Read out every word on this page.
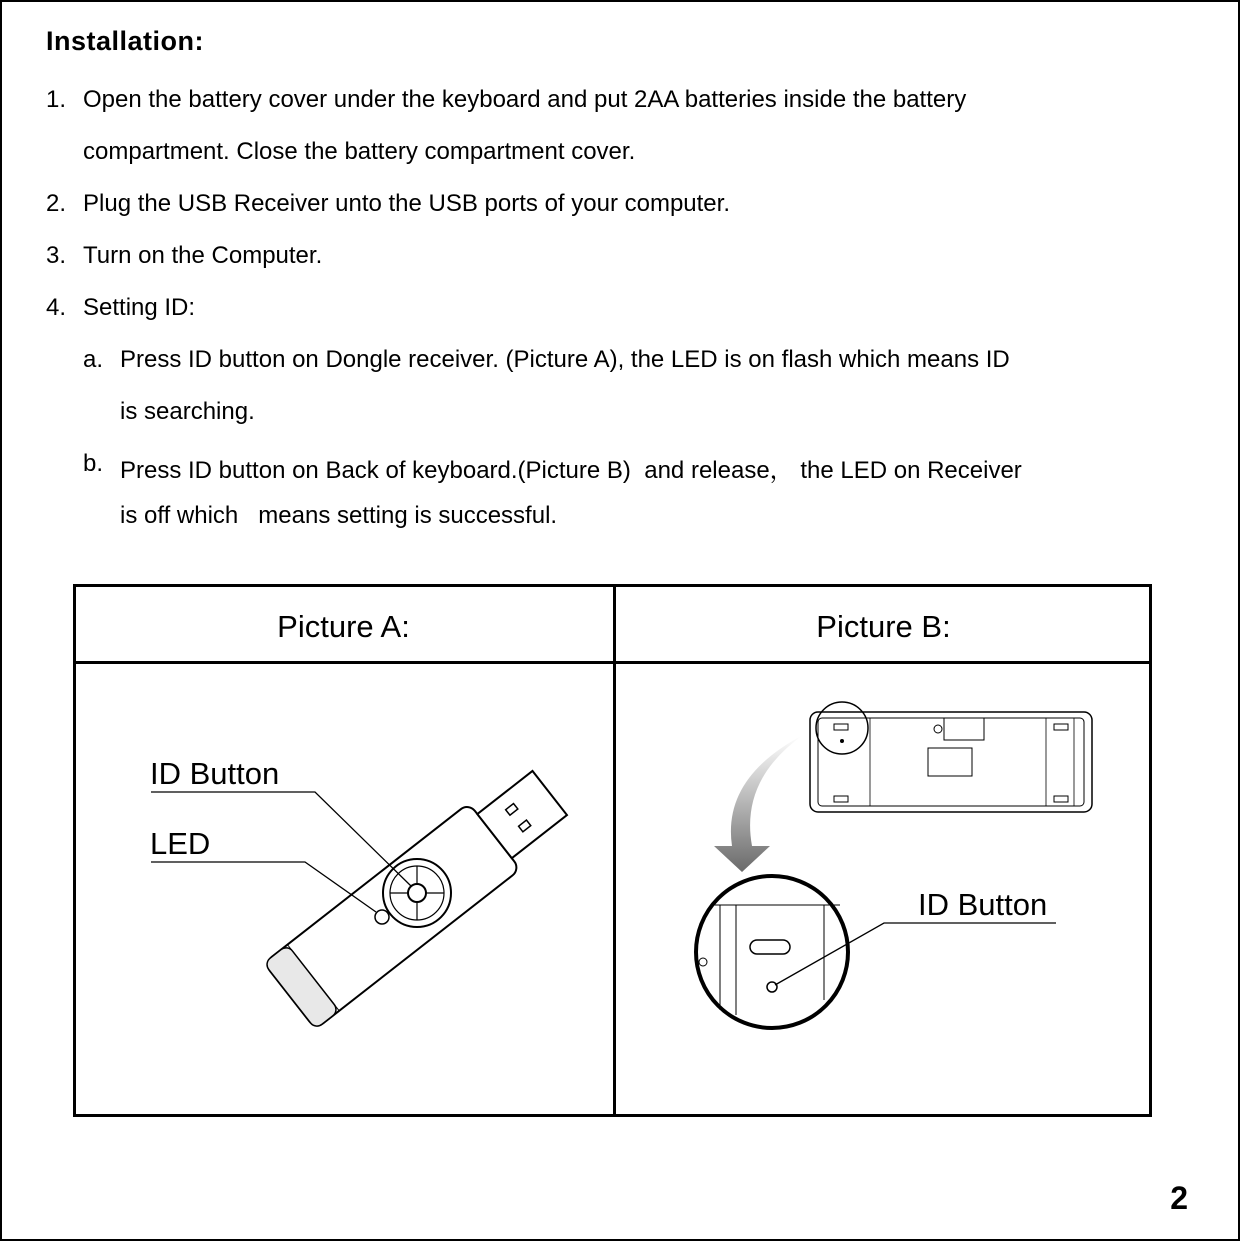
Installation:
1. Open the battery cover under the keyboard and put 2AA batteries inside the battery
compartment. Close the battery compartment cover.
2. Plug the USB Receiver unto the USB ports of your computer.
3. Turn on the Computer.
4. Setting ID:
a. Press ID button on Dongle receiver. (Picture A), the LED is on flash which means ID
is searching.
b. Press ID button on Back of keyboard.(Picture B)  and release， the LED on Receiver
is off which   means setting is successful.
Picture A:	Picture B:
ID Button
LED
ID Button
2
